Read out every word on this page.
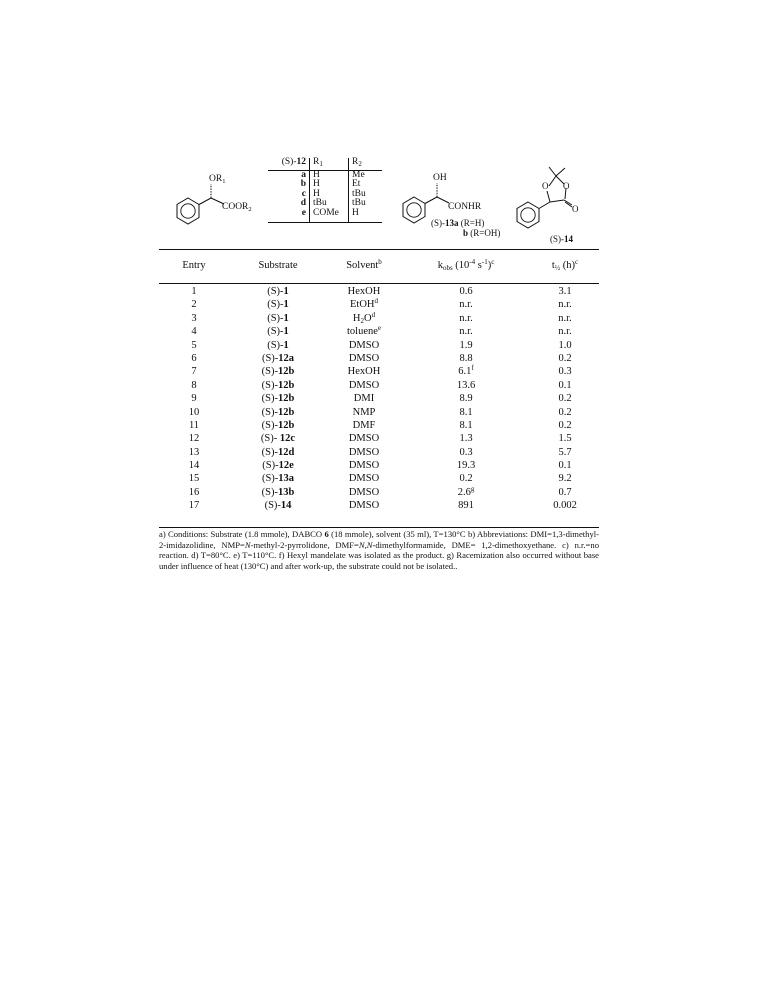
$OR_1$
$COOR_2$
(S)-12	$R_1$	$R_2$
a	H	Me
b	H	Et
c	H	tBu
d	tBu	tBu
e	COMe	H
OH
CONHR
(S)-13a (R=H)
b (R=OH)
O O
O
(S)-14
Entry	Substrate	Solvent$^b$	$k_{obs}$ ($10^{-4}$ $s^{-1})^c$	$t_{\frac{1}{2}}$ $(h)^c$
1	(S)-1	HexOH	0.6	3.1
2	(S)-1	EtOH$^d$	n.r.	n.r.
3	(S)-1	$H_2O^d$	n.r.	n.r.
4	(S)-1	toluene$^e$	n.r.	n.r.
5	(S)-1	DMSO	1.9	1.0
6	(S)-12a	DMSO	8.8	0.2
7	(S)-12b	HexOH	6.1$^f$	0.3
8	(S)-12b	DMSO	13.6	0.1
9	(S)-12b	DMI	8.9	0.2
10	(S)-12b	NMP	8.1	0.2
11	(S)-12b	DMF	8.1	0.2
12	(S)- 12c	DMSO	1.3	1.5
13	(S)-12d	DMSO	0.3	5.7
14	(S)-12e	DMSO	19.3	0.1
15	(S)-13a	DMSO	0.2	9.2
16	(S)-13b	DMSO	2.6$^g$	0.7
17	(S)-14	DMSO	891	0.002
a) Conditions: Substrate (1.8 mmole), DABCO 6 (18 mmole), solvent (35 ml), T=130°C b) Abbreviations: DMI=1,3-dimethyl-2-imidazolidine, NMP=N-methyl-2-pyrrolidone, DMF=N,N-dimethylformamide, DME= 1,2-dimethoxyethane. c) n.r.=no reaction. d) T=80°C. e) T=110°C. f) Hexyl mandelate was isolated as the product. g) Racemization also occurred without base under influence of heat (130°C) and after work-up, the substrate could not be isolated..
